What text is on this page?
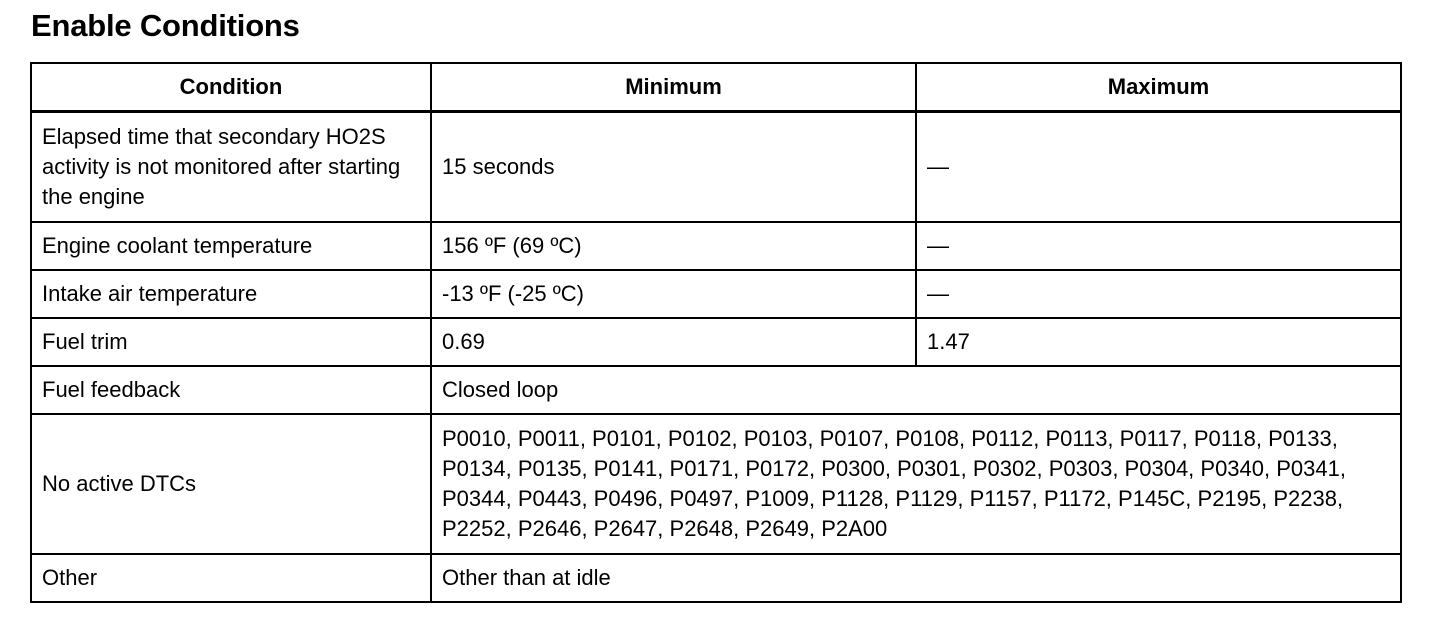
Enable Conditions
Condition	Minimum	Maximum
Elapsed time that secondary HO2S activity is not monitored after starting the engine	15 seconds	—
Engine coolant temperature	156 ºF (69 ºC)	—
Intake air temperature	-13 ºF (-25 ºC)	—
Fuel trim	0.69	1.47
Fuel feedback	Closed loop	
No active DTCs	P0010, P0011, P0101, P0102, P0103, P0107, P0108, P0112, P0113, P0117, P0118, P0133, P0134, P0135, P0141, P0171, P0172, P0300, P0301, P0302, P0303, P0304, P0340, P0341, P0344, P0443, P0496, P0497, P1009, P1128, P1129, P1157, P1172, P145C, P2195, P2238, P2252, P2646, P2647, P2648, P2649, P2A00	
Other	Other than at idle	
